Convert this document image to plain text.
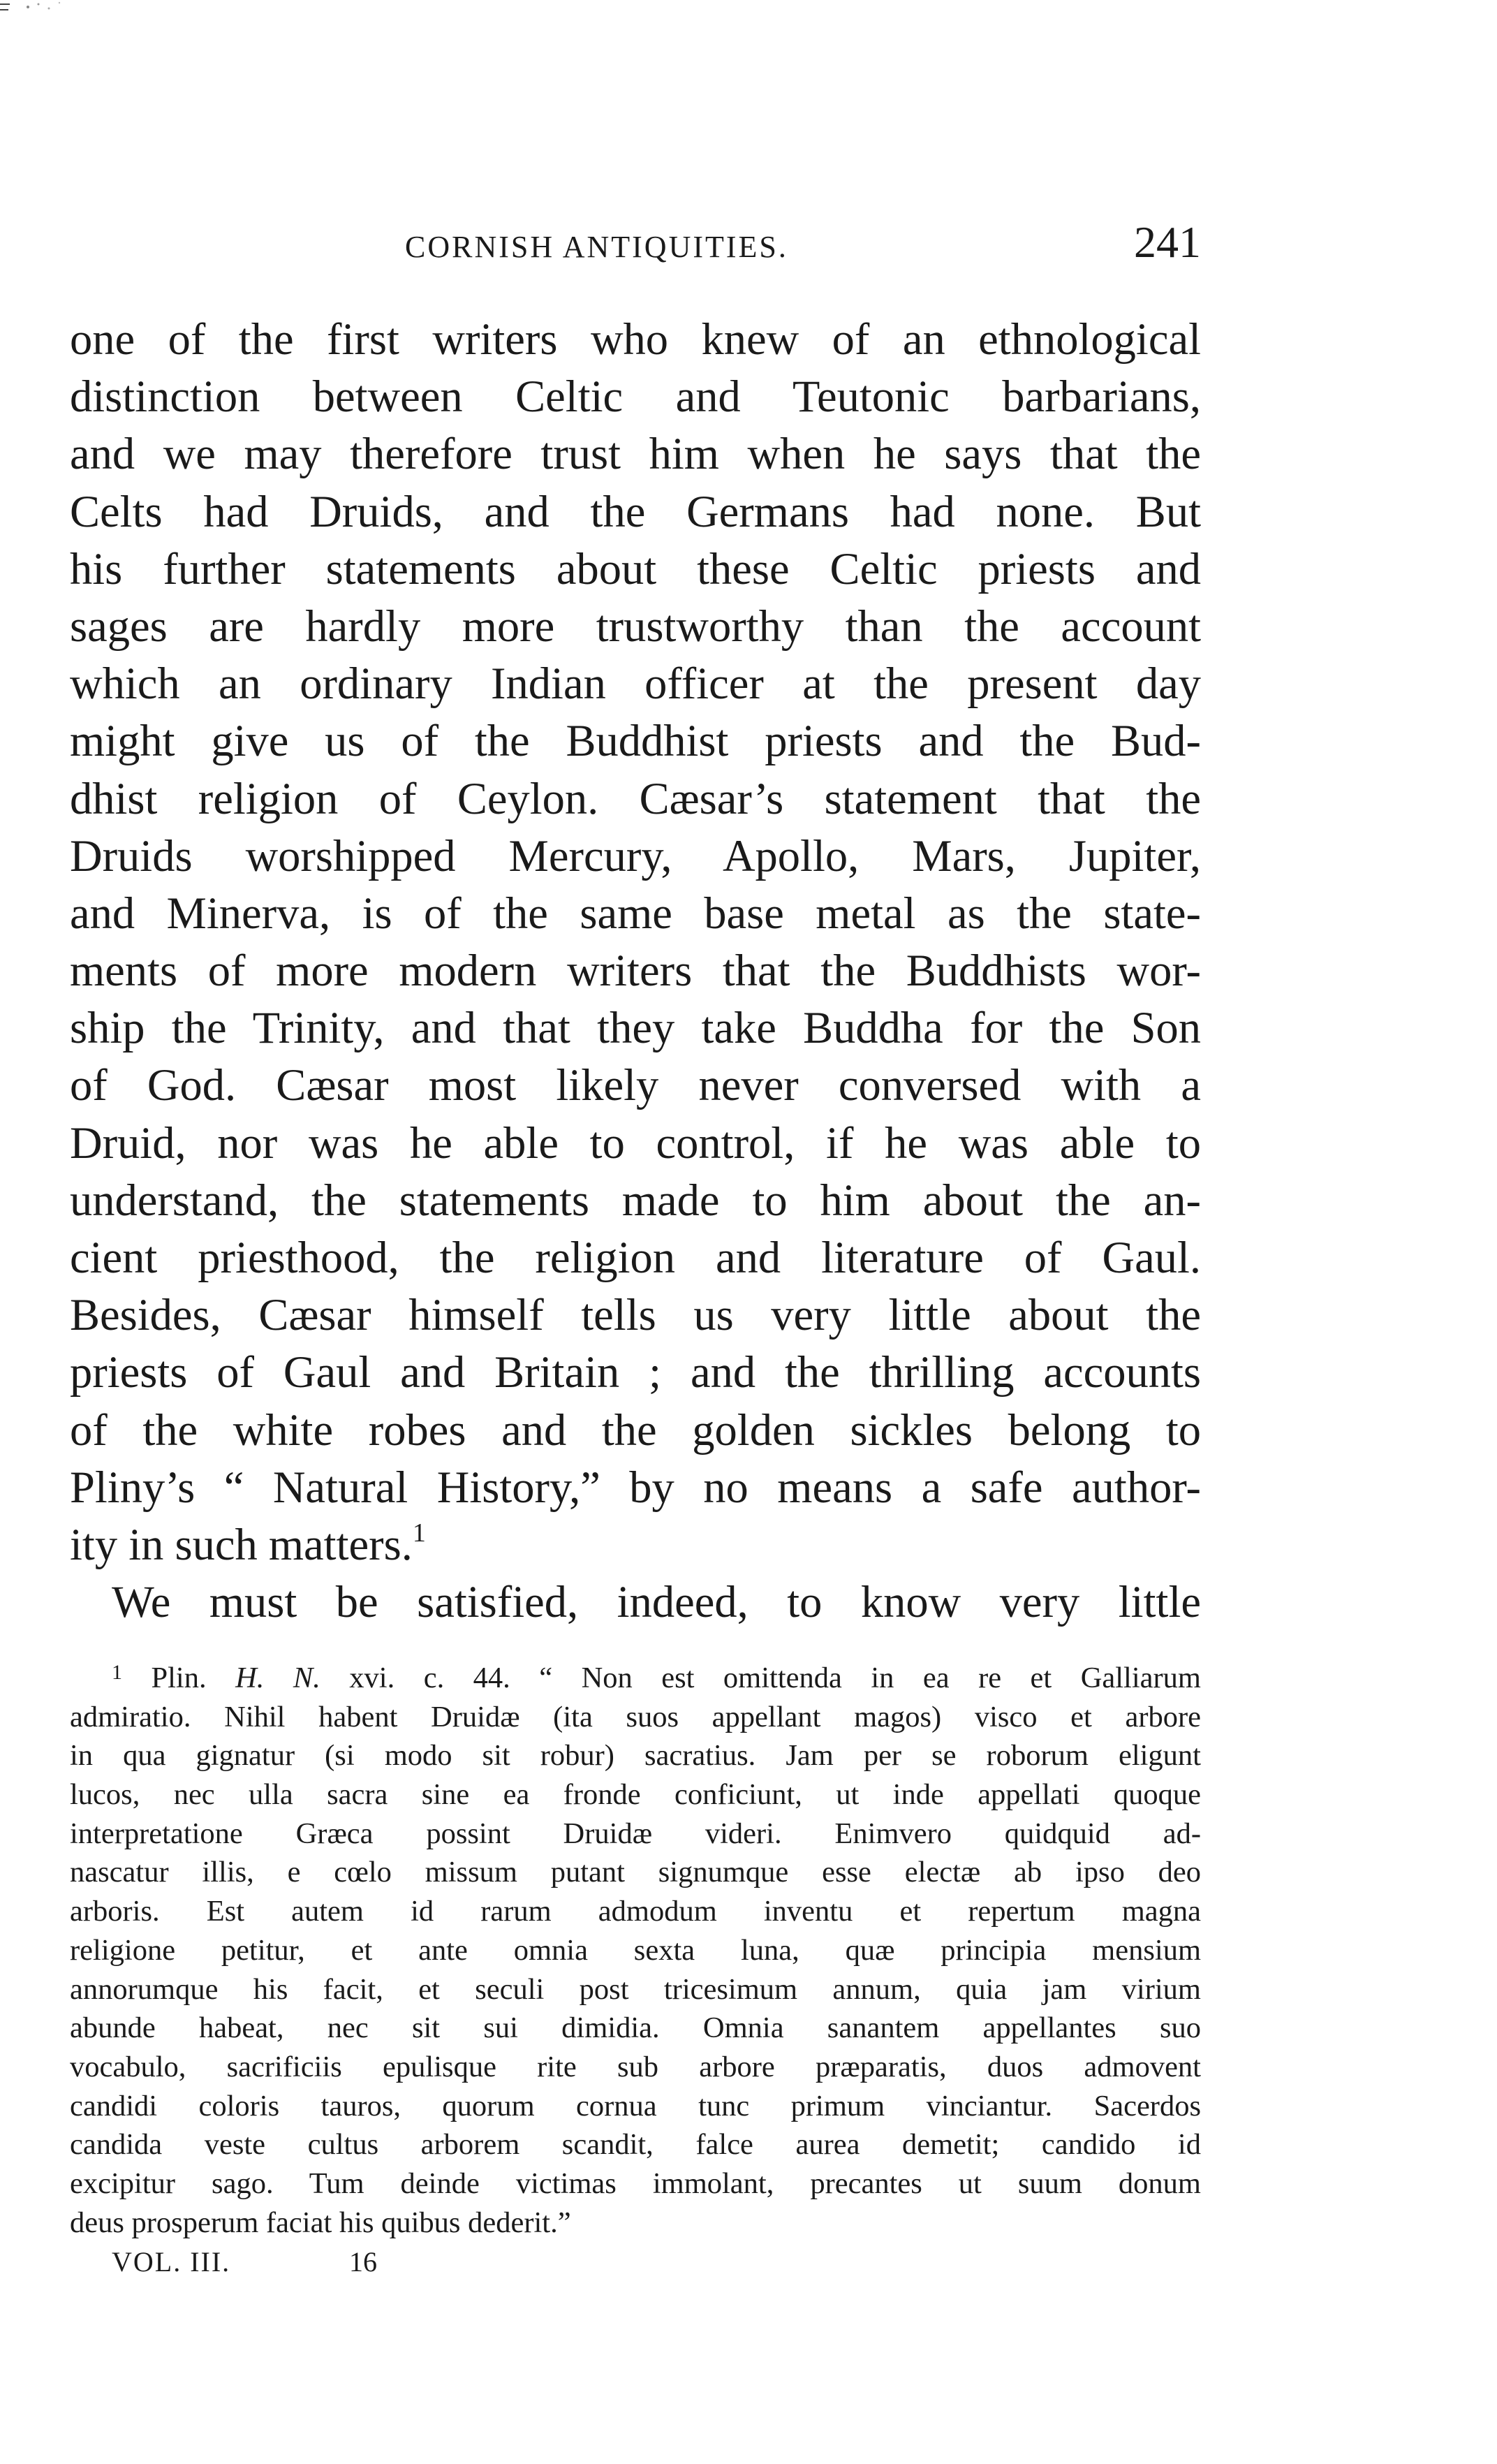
CORNISH ANTIQUITIES.	241
one of the first writers who knew of an ethnological
distinction between Celtic and Teutonic barbarians,
and we may therefore trust him when he says that the
Celts had Druids, and the Germans had none. But
his further statements about these Celtic priests and
sages are hardly more trustworthy than the account
which an ordinary Indian officer at the present day
might give us of the Buddhist priests and the Bud-
dhist religion of Ceylon. Cæsar’s statement that the
Druids worshipped Mercury, Apollo, Mars, Jupiter,
and Minerva, is of the same base metal as the state-
ments of more modern writers that the Buddhists wor-
ship the Trinity, and that they take Buddha for the Son
of God. Cæsar most likely never conversed with a
Druid, nor was he able to control, if he was able to
understand, the statements made to him about the an-
cient priesthood, the religion and literature of Gaul.
Besides, Cæsar himself tells us very little about the
priests of Gaul and Britain ; and the thrilling accounts
of the white robes and the golden sickles belong to
Pliny’s “ Natural History,” by no means a safe author-
ity in such matters.$^1$
We must be satisfied, indeed, to know very little
$^1$ Plin. H. N. xvi. c. 44. “ Non est omittenda in ea re et Galliarum
admiratio. Nihil habent Druidæ (ita suos appellant magos) visco et arbore
in qua gignatur (si modo sit robur) sacratius. Jam per se roborum eligunt
lucos, nec ulla sacra sine ea fronde conficiunt, ut inde appellati quoque
interpretatione Græca possint Druidæ videri. Enimvero quidquid ad-
nascatur illis, e cœlo missum putant signumque esse electæ ab ipso deo
arboris. Est autem id rarum admodum inventu et repertum magna
religione petitur, et ante omnia sexta luna, quæ principia mensium
annorumque his facit, et seculi post tricesimum annum, quia jam virium
abunde habeat, nec sit sui dimidia. Omnia sanantem appellantes suo
vocabulo, sacrificiis epulisque rite sub arbore præparatis, duos admovent
candidi coloris tauros, quorum cornua tunc primum vinciantur. Sacerdos
candida veste cultus arborem scandit, falce aurea demetit; candido id
excipitur sago. Tum deinde victimas immolant, precantes ut suum donum
deus prosperum faciat his quibus dederit.”
VOL. III.	16
